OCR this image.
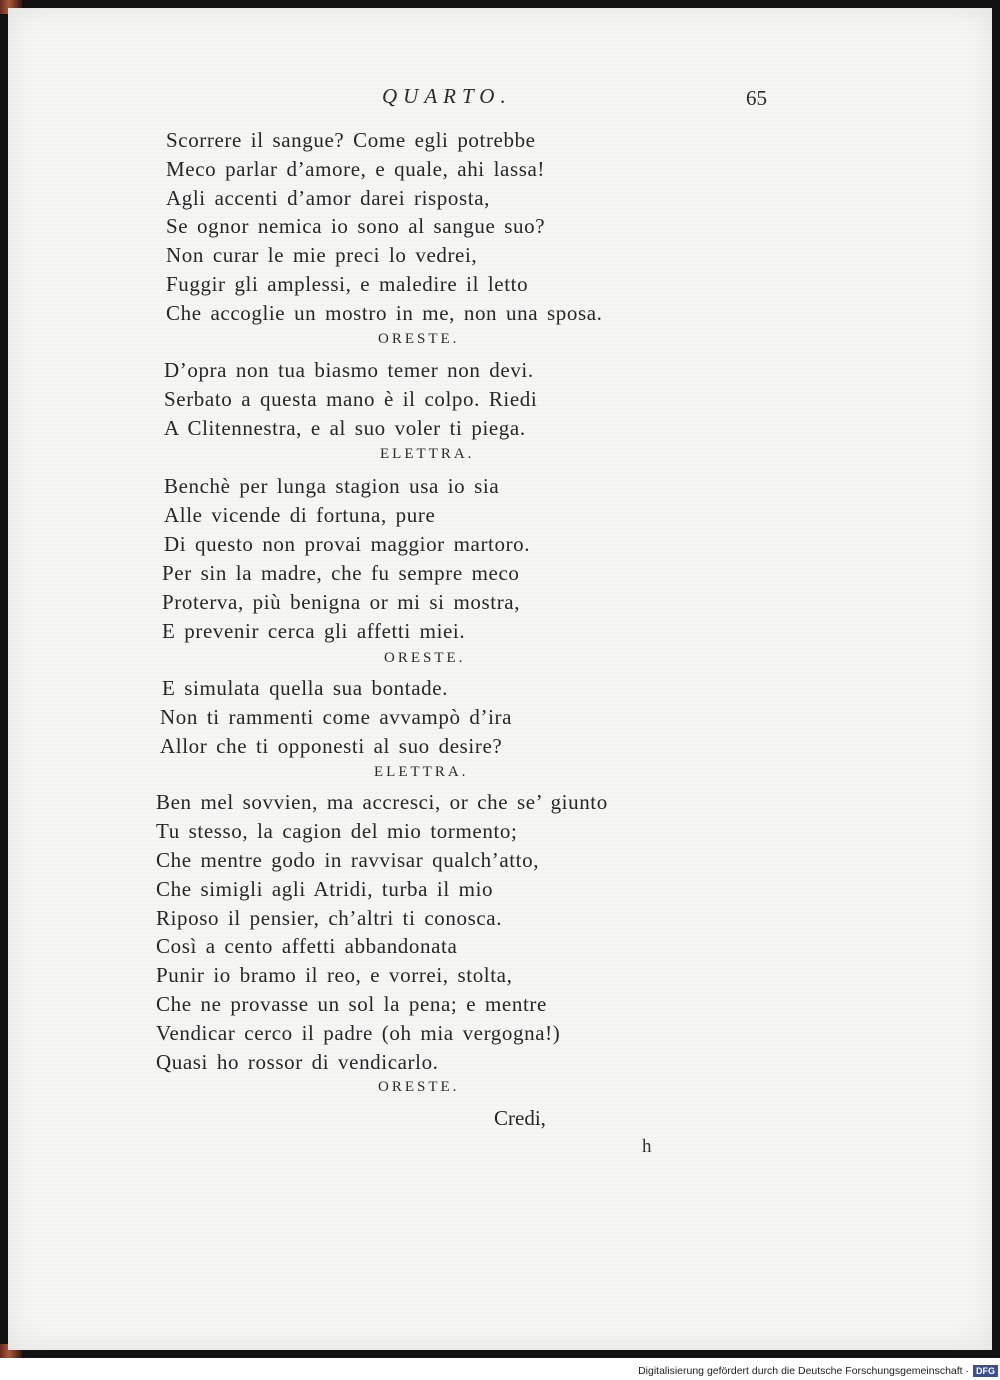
QUARTO.	65
Scorrere il sangue? Come egli potrebbe
Meco parlar d’amore, e quale, ahi lassa!
Agli accenti d’amor darei risposta,
Se ognor nemica io sono al sangue suo?
Non curar le mie preci lo vedrei,
Fuggir gli amplessi, e maledire il letto
Che accoglie un mostro in me, non una sposa.
ORESTE.
D’opra non tua biasmo temer non devi.
Serbato a questa mano è il colpo. Riedi
A Clitennestra, e al suo voler ti piega.
ELETTRA.
Benchè per lunga stagion usa io sia
Alle vicende di fortuna, pure
Di questo non provai maggior martoro.
Per sin la madre, che fu sempre meco
Proterva, più benigna or mi si mostra,
E prevenir cerca gli affetti miei.
ORESTE.
E simulata quella sua bontade.
Non ti rammenti come avvampò d’ira
Allor che ti opponesti al suo desire?
ELETTRA.
Ben mel sovvien, ma accresci, or che se’ giunto
Tu stesso, la cagion del mio tormento;
Che mentre godo in ravvisar qualch’atto,
Che simigli agli Atridi, turba il mio
Riposo il pensier, ch’altri ti conosca.
Così a cento affetti abbandonata
Punir io bramo il reo, e vorrei, stolta,
Che ne provasse un sol la pena; e mentre
Vendicar cerco il padre (oh mia vergogna!)
Quasi ho rossor di vendicarlo.
ORESTE.
Credi,
h
Digitalisierung gefördert durch die Deutsche Forschungsgemeinschaft · DFG
